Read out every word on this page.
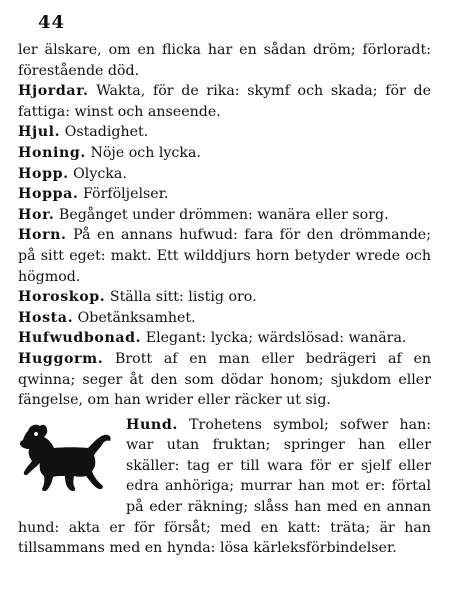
44

ler älskare, om en flicka har en sådan dröm; förloradt: förestående död.

Hjordar. Wakta, för de rika: skymf och skada; för de fattiga: winst och anseende.

Hjul. Ostadighet.

Honing. Nöje och lycka.

Hopp. Olycka.

Hoppa. Förföljelser.

Hor. Begånget under drömmen: wanära eller sorg.

Horn. På en annans hufwud: fara för den drömmande; på sitt eget: makt. Ett wilddjurs horn betyder wrede och högmod.

Horoskop. Ställa sitt: listig oro.

Hosta. Obetänksamhet.

Hufwudbonad. Elegant: lycka; wärdslösad: wanära.

Huggorm. Brott af en man eller bedrägeri af en qwinna; seger åt den som dödar honom; sjukdom eller fängelse, om han wrider eller räcker ut sig.

Hund. Trohetens symbol; sofwer han: war utan fruktan; springer han eller skäller: tag er till wara för er sjelf eller edra anhöriga; murrar han mot er: förtal på eder räkning; slåss han med en annan hund: akta er för försåt; med en katt: träta; är han tillsammans med en hynda: lösa kärleksförbindelser.
